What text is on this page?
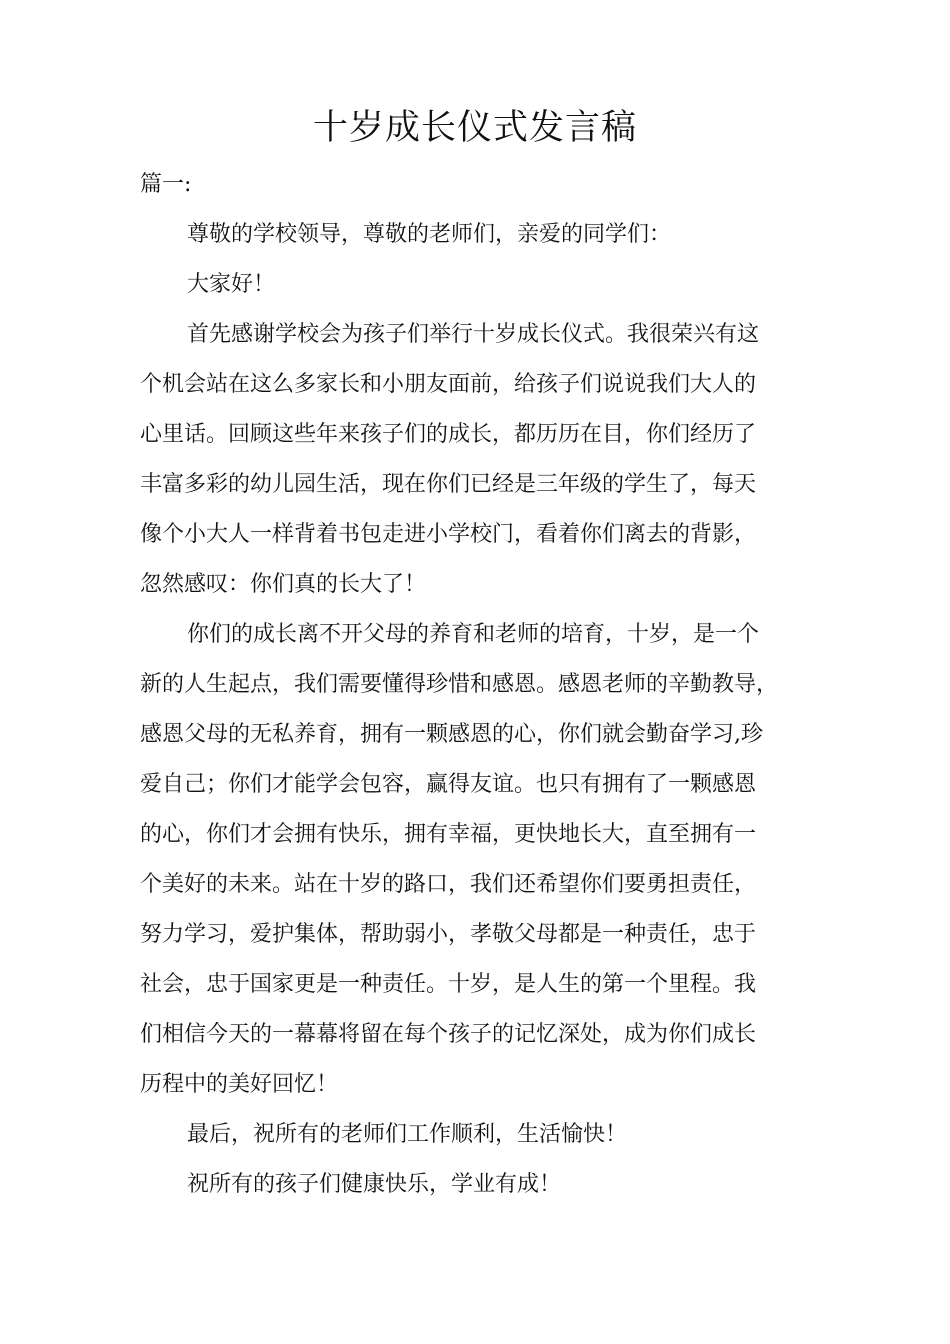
十岁成长仪式发言稿

篇一:

尊敬的学校领导，尊敬的老师们，亲爱的同学们：

大家好！

首先感谢学校会为孩子们举行十岁成长仪式。我很荣兴有这
个机会站在这么多家长和小朋友面前，给孩子们说说我们大人的
心里话。回顾这些年来孩子们的成长，都历历在目，你们经历了
丰富多彩的幼儿园生活，现在你们已经是三年级的学生了，每天
像个小大人一样背着书包走进小学校门，看着你们离去的背影，
忽然感叹：你们真的长大了！

你们的成长离不开父母的养育和老师的培育，十岁，是一个
新的人生起点，我们需要懂得珍惜和感恩。感恩老师的辛勤教导，
感恩父母的无私养育，拥有一颗感恩的心，你们就会勤奋学习,珍
爱自己；你们才能学会包容，赢得友谊。也只有拥有了一颗感恩
的心，你们才会拥有快乐，拥有幸福，更快地长大，直至拥有一
个美好的未来。站在十岁的路口，我们还希望你们要勇担责任，
努力学习，爱护集体，帮助弱小，孝敬父母都是一种责任，忠于
社会，忠于国家更是一种责任。十岁，是人生的第一个里程。我
们相信今天的一幕幕将留在每个孩子的记忆深处，成为你们成长
历程中的美好回忆！

最后，祝所有的老师们工作顺利，生活愉快！

祝所有的孩子们健康快乐，学业有成！
